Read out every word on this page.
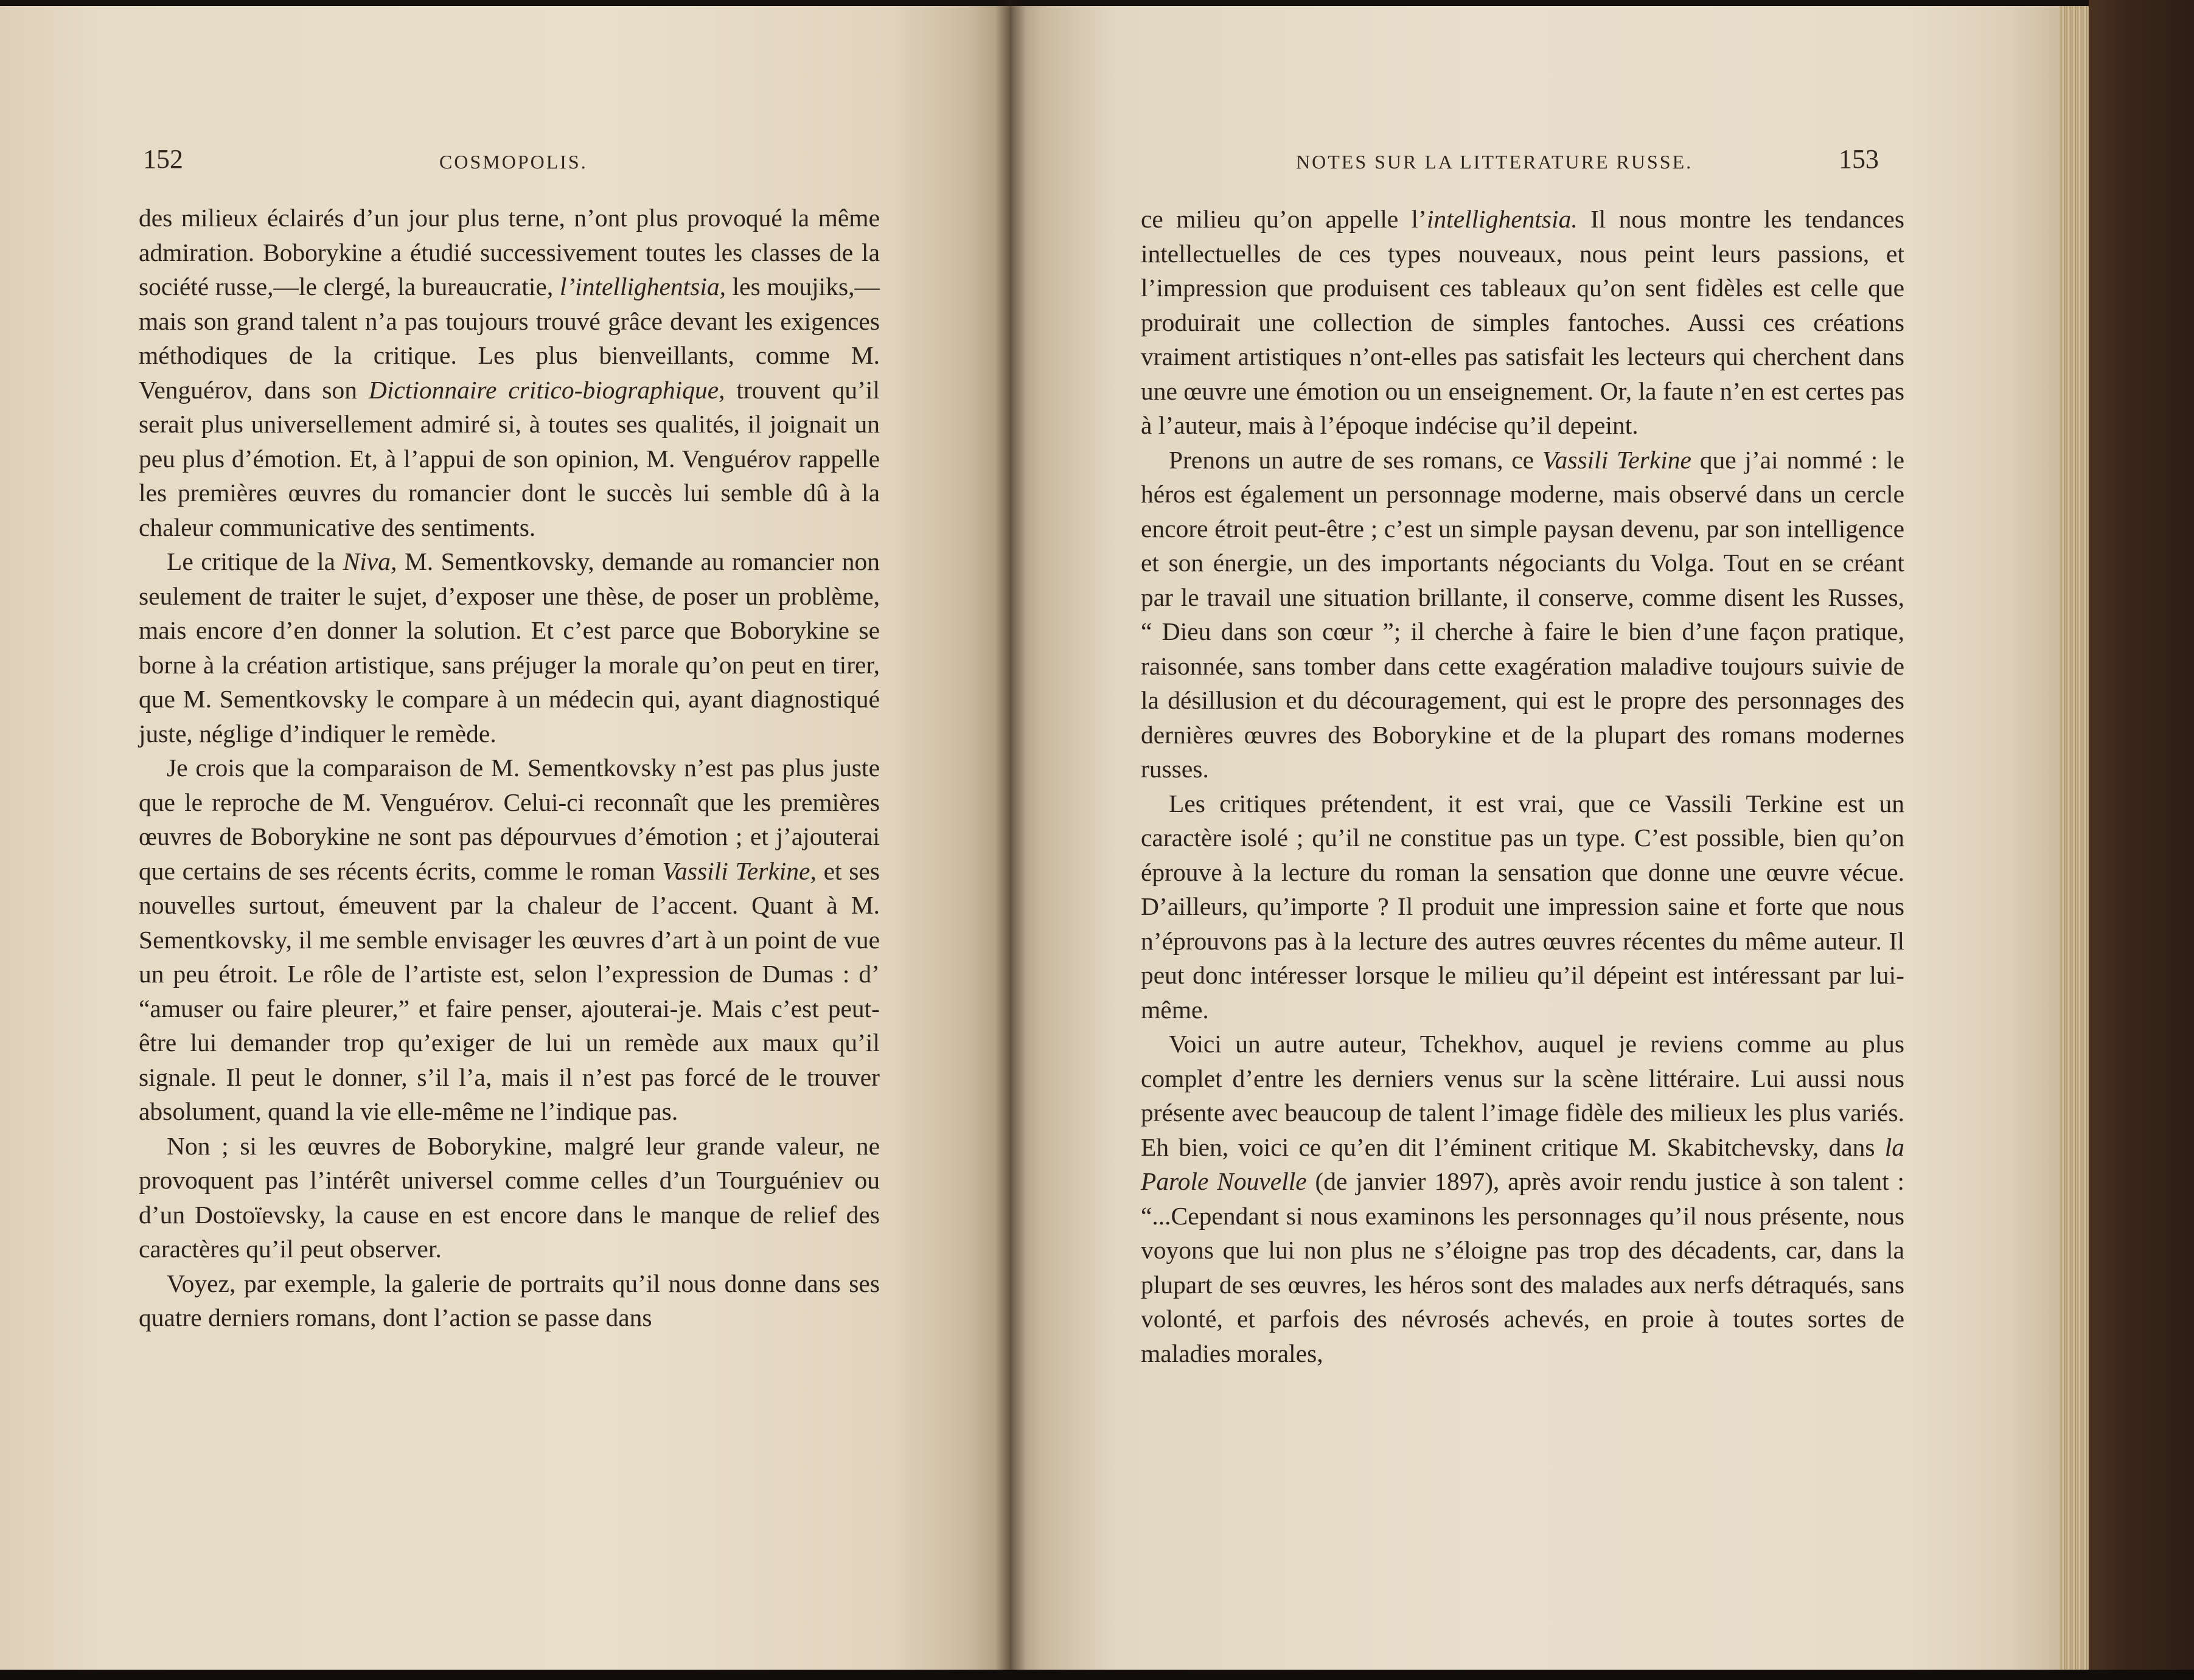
152	COSMOPOLIS.

des milieux éclairés d’un jour plus terne, n’ont plus provoqué la même admiration. Boborykine a étudié successivement toutes les classes de la société russe,—le clergé, la bureaucratie, l’intellighentsia, les moujiks,—mais son grand talent n’a pas toujours trouvé grâce devant les exigences méthodiques de la critique. Les plus bienveillants, comme M. Venguérov, dans son Dictionnaire critico-biographique, trouvent qu’il serait plus universellement admiré si, à toutes ses qualités, il joignait un peu plus d’émotion. Et, à l’appui de son opinion, M. Venguérov rappelle les premières œuvres du romancier dont le succès lui semble dû à la chaleur communicative des sentiments.

Le critique de la Niva, M. Sementkovsky, demande au romancier non seulement de traiter le sujet, d’exposer une thèse, de poser un problème, mais encore d’en donner la solution. Et c’est parce que Boborykine se borne à la création artistique, sans préjuger la morale qu’on peut en tirer, que M. Sementkovsky le compare à un médecin qui, ayant diagnostiqué juste, néglige d’indiquer le remède.

Je crois que la comparaison de M. Sementkovsky n’est pas plus juste que le reproche de M. Venguérov. Celui-ci reconnaît que les premières œuvres de Boborykine ne sont pas dépourvues d’émotion ; et j’ajouterai que certains de ses récents écrits, comme le roman Vassili Terkine, et ses nouvelles surtout, émeuvent par la chaleur de l’accent. Quant à M. Sementkovsky, il me semble envisager les œuvres d’art à un point de vue un peu étroit. Le rôle de l’artiste est, selon l’expression de Dumas : d’ “amuser ou faire pleurer,” et faire penser, ajouterai-je. Mais c’est peut-être lui demander trop qu’exiger de lui un remède aux maux qu’il signale. Il peut le donner, s’il l’a, mais il n’est pas forcé de le trouver absolument, quand la vie elle-même ne l’indique pas.

Non ; si les œuvres de Boborykine, malgré leur grande valeur, ne provoquent pas l’intérêt universel comme celles d’un Tourguéniev ou d’un Dostoïevsky, la cause en est encore dans le manque de relief des caractères qu’il peut observer.

Voyez, par exemple, la galerie de portraits qu’il nous donne dans ses quatre derniers romans, dont l’action se passe dans

NOTES SUR LA LITTERATURE RUSSE.	153

ce milieu qu’on appelle l’intellighentsia. Il nous montre les tendances intellectuelles de ces types nouveaux, nous peint leurs passions, et l’impression que produisent ces tableaux qu’on sent fidèles est celle que produirait une collection de simples fantoches. Aussi ces créations vraiment artistiques n’ont-elles pas satisfait les lecteurs qui cherchent dans une œuvre une émotion ou un enseignement. Or, la faute n’en est certes pas à l’auteur, mais à l’époque indécise qu’il depeint.

Prenons un autre de ses romans, ce Vassili Terkine que j’ai nommé : le héros est également un personnage moderne, mais observé dans un cercle encore étroit peut-être ; c’est un simple paysan devenu, par son intelligence et son énergie, un des importants négociants du Volga. Tout en se créant par le travail une situation brillante, il conserve, comme disent les Russes, “ Dieu dans son cœur ”; il cherche à faire le bien d’une façon pratique, raisonnée, sans tomber dans cette exagération maladive toujours suivie de la désillusion et du découragement, qui est le propre des personnages des dernières œuvres des Boborykine et de la plupart des romans modernes russes.

Les critiques prétendent, it est vrai, que ce Vassili Terkine est un caractère isolé ; qu’il ne constitue pas un type. C’est possible, bien qu’on éprouve à la lecture du roman la sensation que donne une œuvre vécue. D’ailleurs, qu’importe ? Il produit une impression saine et forte que nous n’éprouvons pas à la lecture des autres œuvres récentes du même auteur. Il peut donc intéresser lorsque le milieu qu’il dépeint est intéressant par lui-même.

Voici un autre auteur, Tchekhov, auquel je reviens comme au plus complet d’entre les derniers venus sur la scène littéraire. Lui aussi nous présente avec beaucoup de talent l’image fidèle des milieux les plus variés. Eh bien, voici ce qu’en dit l’éminent critique M. Skabitchevsky, dans la Parole Nouvelle (de janvier 1897), après avoir rendu justice à son talent : “...Cependant si nous examinons les personnages qu’il nous présente, nous voyons que lui non plus ne s’éloigne pas trop des décadents, car, dans la plupart de ses œuvres, les héros sont des malades aux nerfs détraqués, sans volonté, et parfois des névrosés achevés, en proie à toutes sortes de maladies morales,
